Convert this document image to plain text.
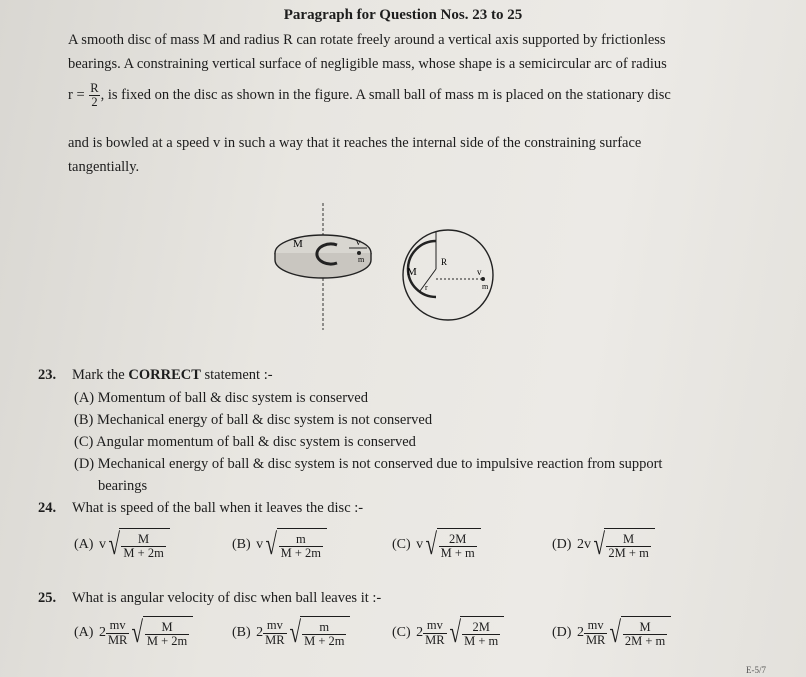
Paragraph for Question Nos. 23 to 25
A smooth disc of mass M and radius R can rotate freely around a vertical axis supported by frictionless
bearings. A constraining vertical surface of negligible mass, whose shape is a semicircular arc of radius
$r = \frac{R}{2}$ , is fixed on the disc as shown in the figure. A small ball of mass m is placed on the stationary disc
and is bowled at a speed v in such a way that it reaches the internal side of the constraining surface
tangentially.
M	v
m
M
R
v
m
r
23. Mark the CORRECT statement :-
(A) Momentum of ball & disc system is conserved
(B) Mechanical energy of ball & disc system is not conserved
(C) Angular momentum of ball & disc system is conserved
(D) Mechanical energy of ball & disc system is not conserved due to impulsive reaction from support
bearings
24. What is speed of the ball when it leaves the disc :-
(A) v √ $\frac{M}{M + 2m}$	(B) v √ $\frac{m}{M + 2m}$	(C) v √ $\frac{2M}{M + m}$	(D) 2v √ $\frac{M}{2M + m}$
25. What is angular velocity of disc when ball leaves it :-
(A) $2 \frac{mv}{MR}$ √ $\frac{M}{M + 2m}$	(B) $2 \frac{mv}{MR}$ √ $\frac{m}{M + 2m}$	(C) $2 \frac{mv}{MR}$ √ $\frac{2M}{M + m}$	(D) $2 \frac{mv}{MR}$ √ $\frac{M}{2M + m}$
E-5/7
